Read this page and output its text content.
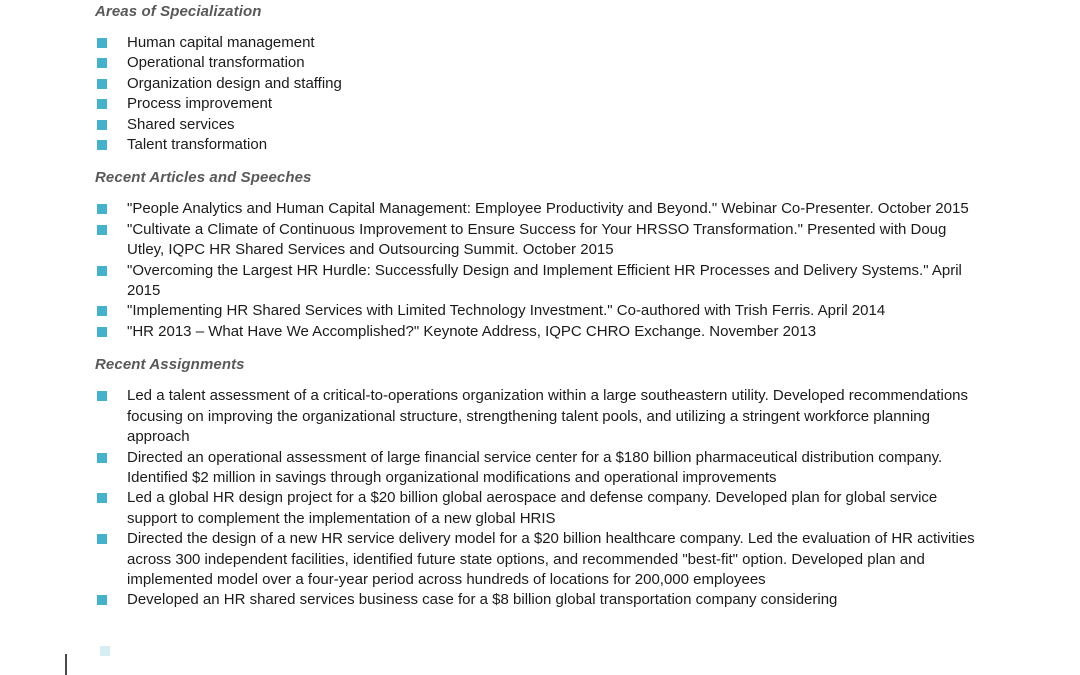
Areas of Specialization
Human capital management
Operational transformation
Organization design and staffing
Process improvement
Shared services
Talent transformation
Recent Articles and Speeches
"People Analytics and Human Capital Management: Employee Productivity and Beyond." Webinar Co-Presenter. October 2015
"Cultivate a Climate of Continuous Improvement to Ensure Success for Your HRSSO Transformation." Presented with Doug Utley, IQPC HR Shared Services and Outsourcing Summit. October 2015
"Overcoming the Largest HR Hurdle: Successfully Design and Implement Efficient HR Processes and Delivery Systems." April 2015
"Implementing HR Shared Services with Limited Technology Investment." Co-authored with Trish Ferris. April 2014
"HR 2013 – What Have We Accomplished?" Keynote Address, IQPC CHRO Exchange. November 2013
Recent Assignments
Led a talent assessment of a critical-to-operations organization within a large southeastern utility. Developed recommendations focusing on improving the organizational structure, strengthening talent pools, and utilizing a stringent workforce planning approach
Directed an operational assessment of large financial service center for a $180 billion pharmaceutical distribution company. Identified $2 million in savings through organizational modifications and operational improvements
Led a global HR design project for a $20 billion global aerospace and defense company. Developed plan for global service support to complement the implementation of a new global HRIS
Directed the design of a new HR service delivery model for a $20 billion healthcare company. Led the evaluation of HR activities across 300 independent facilities, identified future state options, and recommended "best-fit" option. Developed plan and implemented model over a four-year period across hundreds of locations for 200,000 employees
Developed an HR shared services business case for a $8 billion global transportation company considering
